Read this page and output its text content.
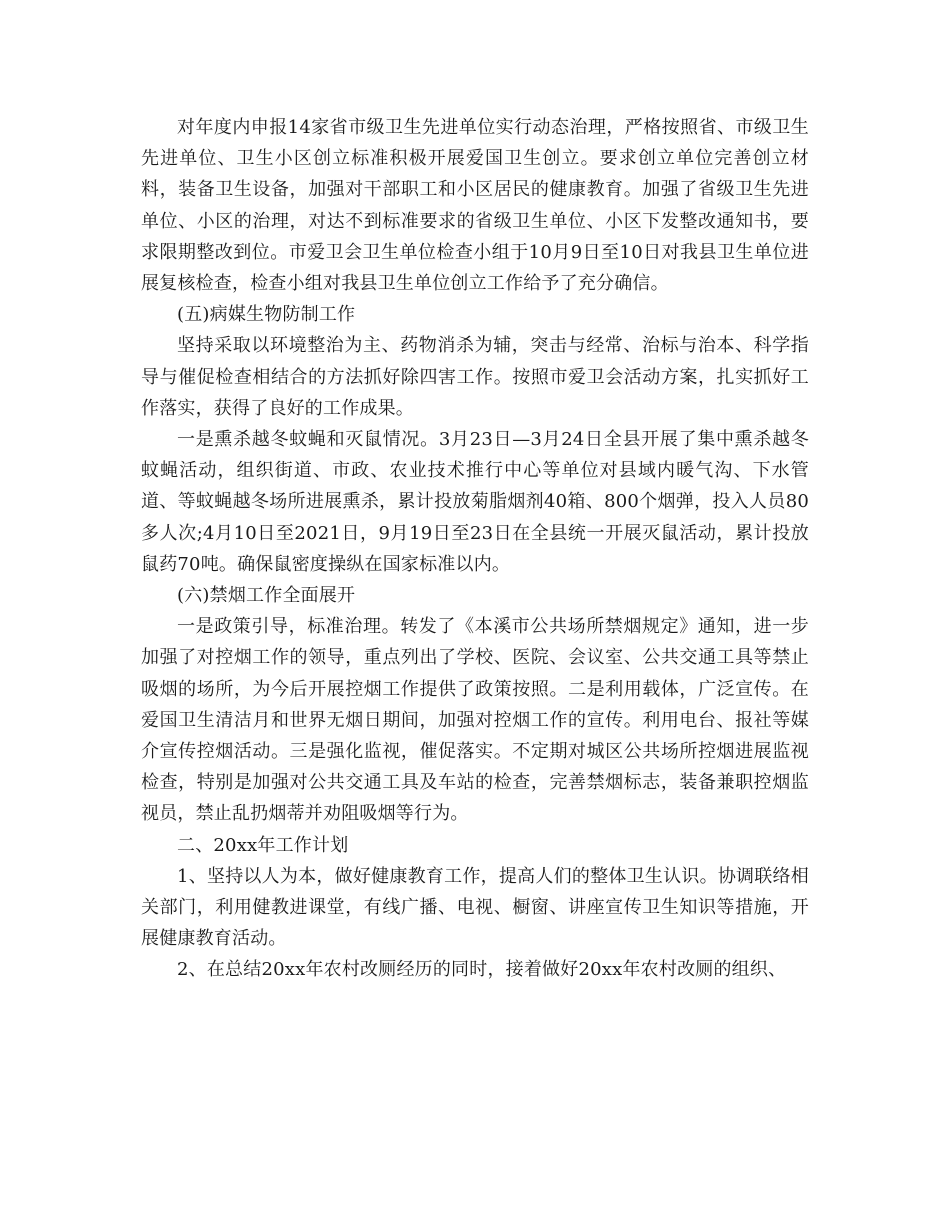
对年度内申报14家省市级卫生先进单位实行动态治理，严格按照省、市级卫生先进单位、卫生小区创立标准积极开展爱国卫生创立。要求创立单位完善创立材料，装备卫生设备，加强对干部职工和小区居民的健康教育。加强了省级卫生先进单位、小区的治理，对达不到标准要求的省级卫生单位、小区下发整改通知书，要求限期整改到位。市爱卫会卫生单位检查小组于10月9日至10日对我县卫生单位进展复核检查，检查小组对我县卫生单位创立工作给予了充分确信。

(五)病媒生物防制工作

坚持采取以环境整治为主、药物消杀为辅，突击与经常、治标与治本、科学指导与催促检查相结合的方法抓好除四害工作。按照市爱卫会活动方案，扎实抓好工作落实，获得了良好的工作成果。

一是熏杀越冬蚊蝇和灭鼠情况。3月23日—3月24日全县开展了集中熏杀越冬蚊蝇活动，组织街道、市政、农业技术推行中心等单位对县域内暖气沟、下水管道、等蚊蝇越冬场所进展熏杀，累计投放菊脂烟剂40箱、800个烟弹，投入人员80多人次;4月10日至2021日，9月19日至23日在全县统一开展灭鼠活动，累计投放鼠药70吨。确保鼠密度操纵在国家标准以内。

(六)禁烟工作全面展开

一是政策引导，标准治理。转发了《本溪市公共场所禁烟规定》通知，进一步加强了对控烟工作的领导，重点列出了学校、医院、会议室、公共交通工具等禁止吸烟的场所，为今后开展控烟工作提供了政策按照。二是利用载体，广泛宣传。在爱国卫生清洁月和世界无烟日期间，加强对控烟工作的宣传。利用电台、报社等媒介宣传控烟活动。三是强化监视，催促落实。不定期对城区公共场所控烟进展监视检查，特别是加强对公共交通工具及车站的检查，完善禁烟标志，装备兼职控烟监视员，禁止乱扔烟蒂并劝阻吸烟等行为。

二、20xx年工作计划

1、坚持以人为本，做好健康教育工作，提高人们的整体卫生认识。协调联络相关部门，利用健教进课堂，有线广播、电视、橱窗、讲座宣传卫生知识等措施，开展健康教育活动。

2、在总结20xx年农村改厕经历的同时，接着做好20xx年农村改厕的组织、
